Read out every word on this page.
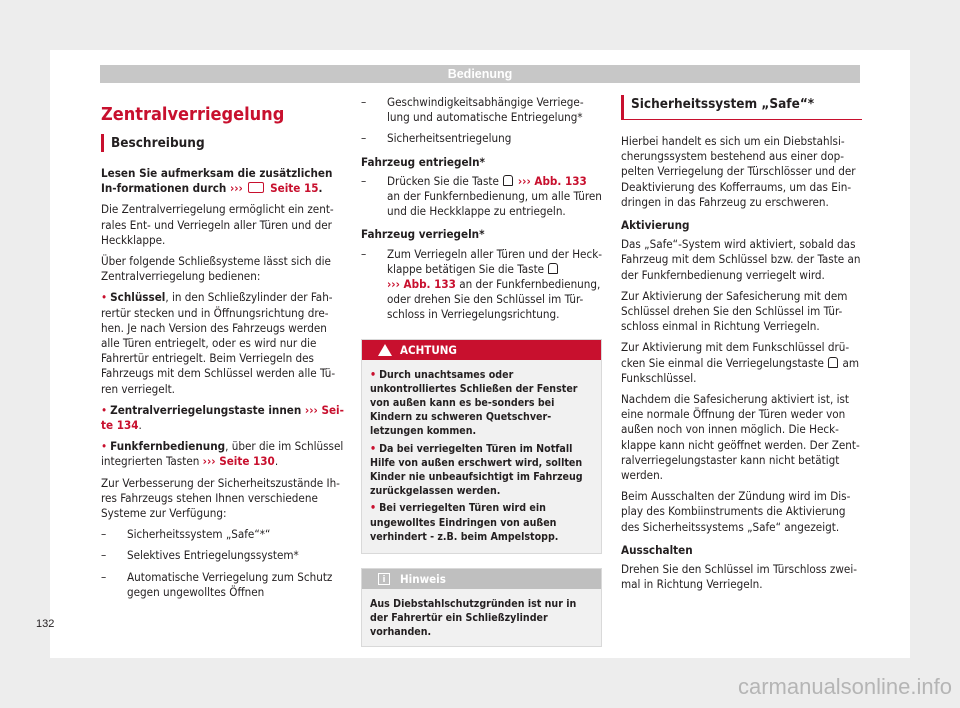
Bedienung
Zentralverriegelung
Beschreibung

Lesen Sie aufmerksam die zusätzlichen In-formationen durch ›››  Seite 15.

Die Zentralverriegelung ermöglicht ein zent-rales Ent- und Verriegeln aller Türen und der Heckklappe.

Über folgende Schließsysteme lässt sich die Zentralverriegelung bedienen:

• Schlüssel, in den Schließzylinder der Fah-rertür stecken und in Öffnungsrichtung dre-hen. Je nach Version des Fahrzeugs werden alle Türen entriegelt, oder es wird nur die Fahrertür entriegelt. Beim Verriegeln des Fahrzeugs mit dem Schlüssel werden alle Tü-ren verriegelt.

• Zentralverriegelungstaste innen ››› Sei-te 134.

• Funkfernbedienung, über die im Schlüssel integrierten Tasten ››› Seite 130.

Zur Verbesserung der Sicherheitszustände Ih-res Fahrzeugs stehen Ihnen verschiedene Systeme zur Verfügung:

– Sicherheitssystem „Safe“*“

– Selektives Entriegelungssystem*

– Automatische Verriegelung zum Schutz gegen ungewolltes Öffnen

– Geschwindigkeitsabhängige Verriege-lung und automatische Entriegelung*

– Sicherheitsentriegelung

Fahrzeug entriegeln*

– Drücken Sie die Taste  ››› Abb. 133 an der Funkfernbedienung, um alle Türen und die Heckklappe zu entriegeln.

Fahrzeug verriegeln*

– Zum Verriegeln aller Türen und der Heck-klappe betätigen Sie die Taste
››› Abb. 133 an der Funkfernbedienung, oder drehen Sie den Schlüssel im Tür-schloss in Verriegelungsrichtung.

ACHTUNG

• Durch unachtsames oder unkontrolliertes Schließen der Fenster von außen kann es be-sonders bei Kindern zu schweren Quetschver-letzungen kommen.

• Da bei verriegelten Türen im Notfall Hilfe von außen erschwert wird, sollten Kinder nie unbeaufsichtigt im Fahrzeug zurückgelassen werden.

• Bei verriegelten Türen wird ein ungewolltes Eindringen von außen verhindert - z.B. beim Ampelstopp.

i	Hinweis
Aus Diebstahlschutzgründen ist nur in der Fahrertür ein Schließzylinder vorhanden.
Sicherheitssystem „Safe“*

Hierbei handelt es sich um ein Diebstahlsi-cherungssystem bestehend aus einer dop-pelten Verriegelung der Türschlösser und der Deaktivierung des Kofferraums, um das Ein-dringen in das Fahrzeug zu erschweren.

Aktivierung

Das „Safe“-System wird aktiviert, sobald das Fahrzeug mit dem Schlüssel bzw. der Taste an der Funkfernbedienung verriegelt wird.

Zur Aktivierung der Safesicherung mit dem Schlüssel drehen Sie den Schlüssel im Tür-schloss einmal in Richtung Verriegeln.

Zur Aktivierung mit dem Funkschlüssel drü-cken Sie einmal die Verriegelungstaste  am Funkschlüssel.

Nachdem die Safesicherung aktiviert ist, ist eine normale Öffnung der Türen weder von außen noch von innen möglich. Die Heck-klappe kann nicht geöffnet werden. Der Zent-ralverriegelungstaster kann nicht betätigt werden.

Beim Ausschalten der Zündung wird im Dis-play des Kombiinstruments die Aktivierung des Sicherheitssystems „Safe“ angezeigt.

Ausschalten

Drehen Sie den Schlüssel im Türschloss zwei-mal in Richtung Verriegeln.

132
carmanualsonline.info
